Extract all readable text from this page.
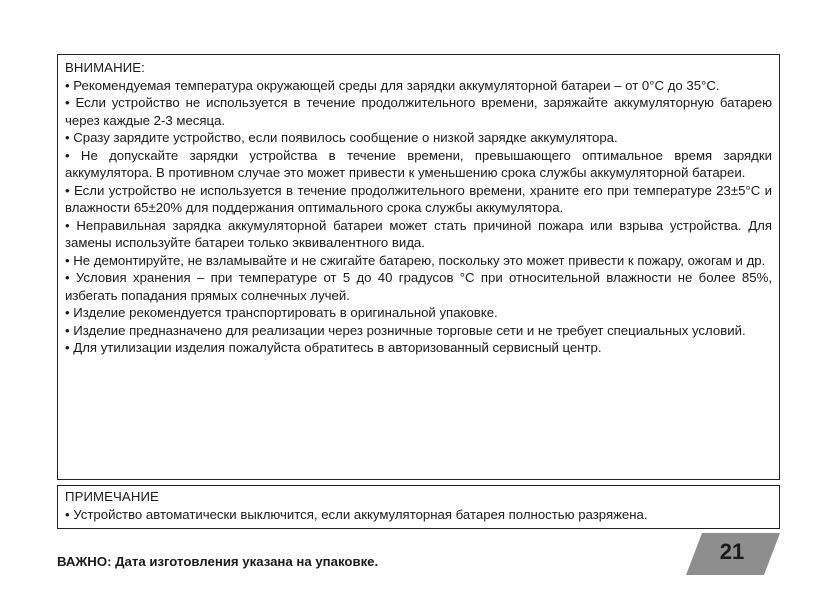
ВНИМАНИЕ:
• Рекомендуемая температура окружающей среды для зарядки аккумуляторной батареи – от 0°C до 35°C.
• Если устройство не используется в течение продолжительного времени, заряжайте аккумуляторную батарею через каждые 2-3 месяца.
• Сразу зарядите устройство, если появилось сообщение о низкой зарядке аккумулятора.
• Не допускайте зарядки устройства в течение времени, превышающего оптимальное время зарядки аккумулятора. В противном случае это может привести к уменьшению срока службы аккумуляторной батареи.
• Если устройство не используется в течение продолжительного времени, храните его при температуре 23±5°C и влажности 65±20% для поддержания оптимального срока службы аккумулятора.
• Неправильная зарядка аккумуляторной батареи может стать причиной пожара или взрыва устройства. Для замены используйте батареи только эквивалентного вида.
• Не демонтируйте, не взламывайте и не сжигайте батарею, поскольку это может привести к пожару, ожогам и др.
• Условия хранения – при температуре от 5 до 40 градусов °C при относительной влажности не более 85%, избегать попадания прямых солнечных лучей.
• Изделие рекомендуется транспортировать в оригинальной упаковке.
• Изделие предназначено для реализации через розничные торговые сети и не требует специальных условий.
• Для утилизации изделия пожалуйста обратитесь в авторизованный сервисный центр.
ПРИМЕЧАНИЕ
• Устройство автоматически выключится, если аккумуляторная батарея полностью разряжена.
ВАЖНО: Дата изготовления указана на упаковке.	21
